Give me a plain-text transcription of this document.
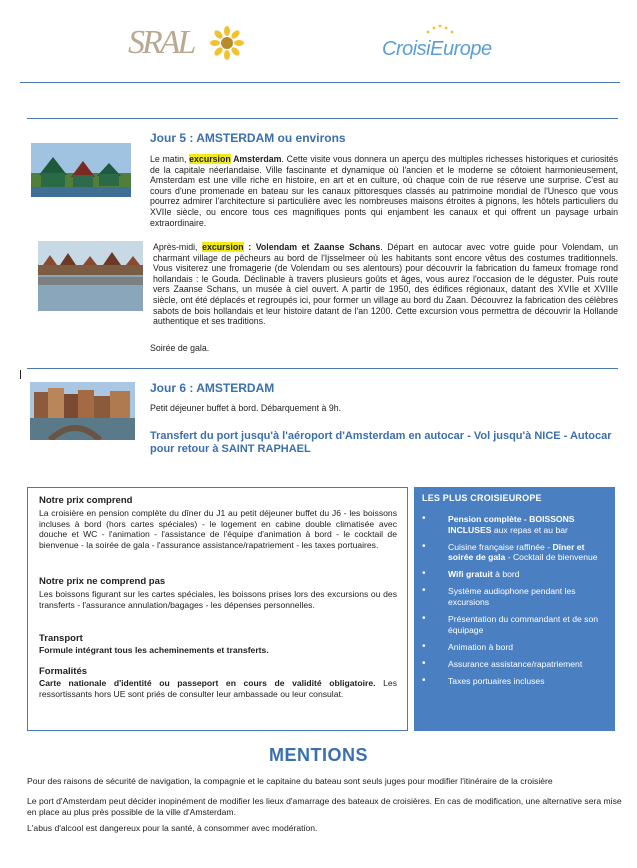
SRAL	CroisiEurope
Jour 5 : AMSTERDAM ou environs
Le matin, excursion Amsterdam. Cette visite vous donnera un aperçu des multiples richesses historiques et curiosités de la capitale néerlandaise. Ville fascinante et dynamique où l'ancien et le moderne se côtoient harmonieusement, Amsterdam est une ville riche en histoire, en art et en culture, où chaque coin de rue réserve une surprise. C'est au cours d'une promenade en bateau sur les canaux pittoresques classés au patrimoine mondial de l'Unesco que vous pourrez admirer l'architecture si particulière avec les nombreuses maisons étroites à pignons, les hôtels particuliers du XVIIe siècle, ou encore tous ces magnifiques ponts qui enjambent les canaux et qui offrent un paysage urbain extraordinaire.
Après-midi, excursion : Volendam et Zaanse Schans. Départ en autocar avec votre guide pour Volendam, un charmant village de pêcheurs au bord de l'Ijsselmeer où les habitants sont encore vêtus des costumes traditionnels. Vous visiterez une fromagerie (de Volendam ou ses alentours) pour découvrir la fabrication du fameux fromage rond hollandais : le Gouda. Déclinable à travers plusieurs goûts et âges, vous aurez l'occasion de le déguster. Puis route vers Zaanse Schans, un musée à ciel ouvert. A partir de 1950, des édifices régionaux, datant des XVIIe et XVIIIe siècle, ont été déplacés et regroupés ici, pour former un village au bord du Zaan. Découvrez la fabrication des célèbres sabots de bois hollandais et leur histoire datant de l'an 1200. Cette excursion vous permettra de découvrir la Hollande authentique et ses traditions.
Soirée de gala.
Jour 6 : AMSTERDAM
Petit déjeuner buffet à bord. Débarquement à 9h.
Transfert du port jusqu'à l'aéroport d'Amsterdam en autocar - Vol jusqu'à NICE - Autocar pour retour à SAINT RAPHAEL
Notre prix comprend
La croisière en pension complète du dîner du J1 au petit déjeuner buffet du J6 - les boissons incluses à bord (hors cartes spéciales) - le logement en cabine double climatisée avec douche et WC - l'animation - l'assistance de l'équipe d'animation à bord - le cocktail de bienvenue - la soirée de gala - l'assurance assistance/rapatriement - les taxes portuaires.
Notre prix ne comprend pas
Les boissons figurant sur les cartes spéciales, les boissons prises lors des excursions ou des transferts - l'assurance annulation/bagages - les dépenses personnelles.
Transport
Formule intégrant tous les acheminements et transferts.
Formalités
Carte nationale d'identité ou passeport en cours de validité obligatoire. Les ressortissants hors UE sont priés de consulter leur ambassade ou leur consulat.
LES PLUS CROISIEUROPE
• Pension complète - BOISSONS INCLUSES aux repas et au bar
• Cuisine française raffinée - Dîner et soirée de gala - Cocktail de bienvenue
• Wifi gratuit à bord
• Système audiophone pendant les excursions
• Présentation du commandant et de son équipage
• Animation à bord
• Assurance assistance/rapatriement
• Taxes portuaires incluses
MENTIONS
Pour des raisons de sécurité de navigation, la compagnie et le capitaine du bateau sont seuls juges pour modifier l'itinéraire de la croisière
Le port d'Amsterdam peut décider inopinément de modifier les lieux d'amarrage des bateaux de croisières. En cas de modification, une alternative sera mise en place au plus près possible de la ville d'Amsterdam.
L'abus d'alcool est dangereux pour la santé, à consommer avec modération.
